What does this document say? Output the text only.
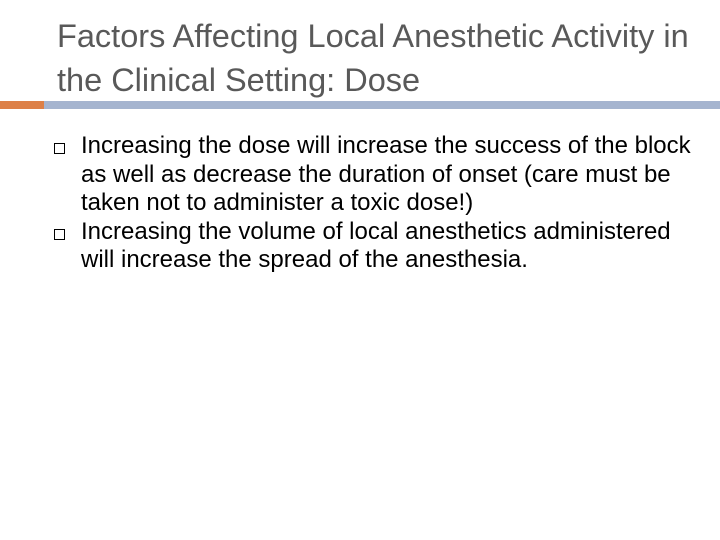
Factors Affecting Local Anesthetic Activity in the Clinical Setting: Dose
Increasing the dose will increase the success of the block as well as decrease the duration of onset (care must be taken not to administer a toxic dose!)
Increasing the volume of local anesthetics administered will increase the spread of the anesthesia.
